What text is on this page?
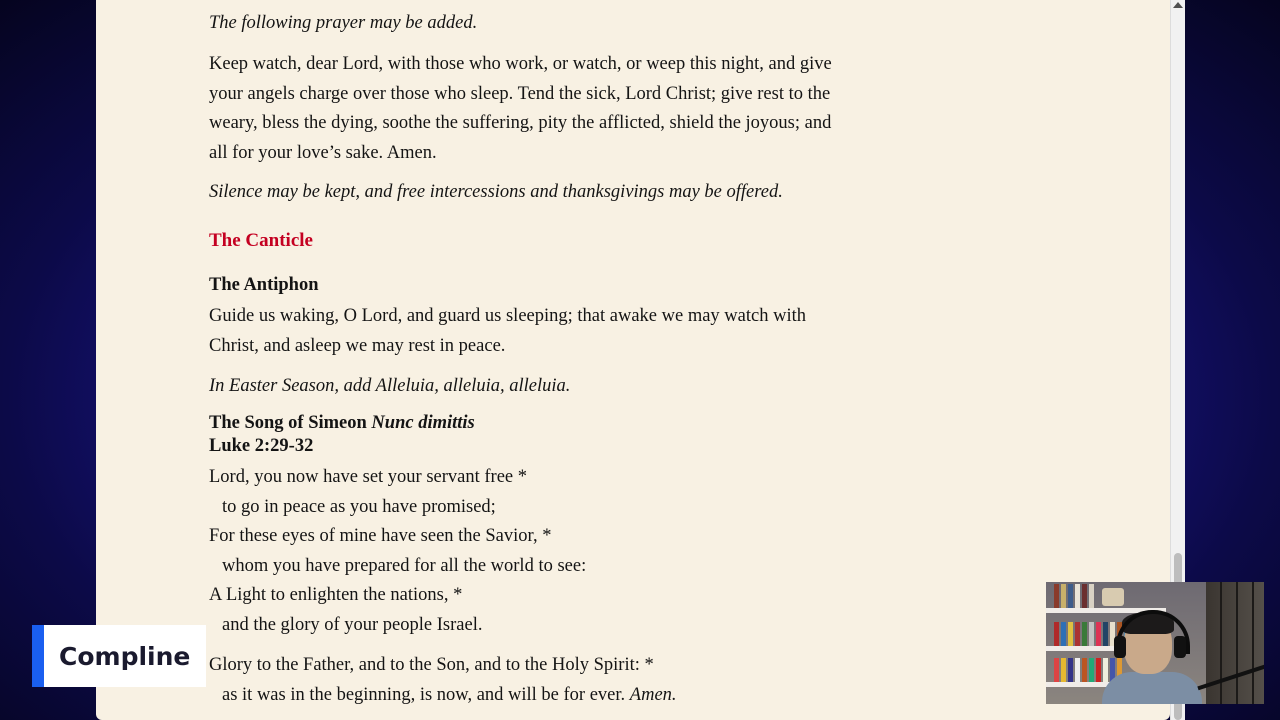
The following prayer may be added.

Keep watch, dear Lord, with those who work, or watch, or weep this night, and give your angels charge over those who sleep. Tend the sick, Lord Christ; give rest to the weary, bless the dying, soothe the suffering, pity the afflicted, shield the joyous; and all for your love’s sake. Amen.

Silence may be kept, and free intercessions and thanksgivings may be offered.

The Canticle

The Antiphon

Guide us waking, O Lord, and guard us sleeping; that awake we may watch with Christ, and asleep we may rest in peace.

In Easter Season, add Alleluia, alleluia, alleluia.

The Song of Simeon Nunc dimittis

Luke 2:29-32

Lord, you now have set your servant free *

to go in peace as you have promised;

For these eyes of mine have seen the Savior, *

whom you have prepared for all the world to see:

A Light to enlighten the nations, *

and the glory of your people Israel.

Glory to the Father, and to the Son, and to the Holy Spirit: *

as it was in the beginning, is now, and will be for ever. Amen.

Compline
